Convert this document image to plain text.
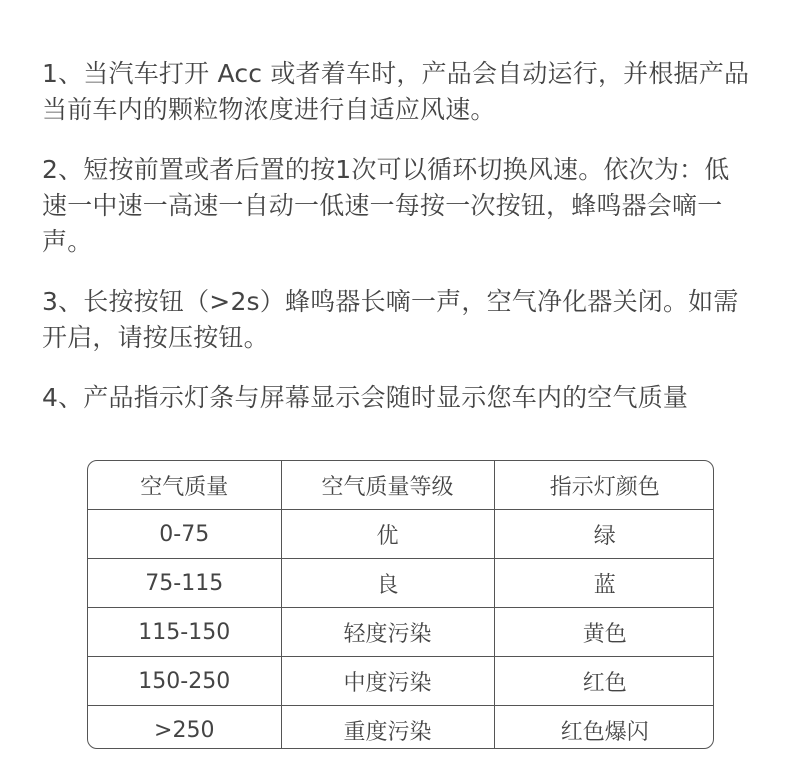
1、当汽车打开 Acc 或者着车时，产品会自动运行，并根据产品当前车内的颗粒物浓度进行自适应风速。

2、短按前置或者后置的按1次可以循环切换风速。依次为：低速一中速一高速一自动一低速一每按一次按钮，蜂鸣器会嘀一声。

3、长按按钮（>2s）蜂鸣器长嘀一声，空气净化器关闭。如需开启，请按压按钮。

4、产品指示灯条与屏幕显示会随时显示您车内的空气质量

空气质量	空气质量等级	指示灯颜色
0-75	优	绿
75-115	良	蓝
115-150	轻度污染	黄色
150-250	中度污染	红色
>250	重度污染	红色爆闪
